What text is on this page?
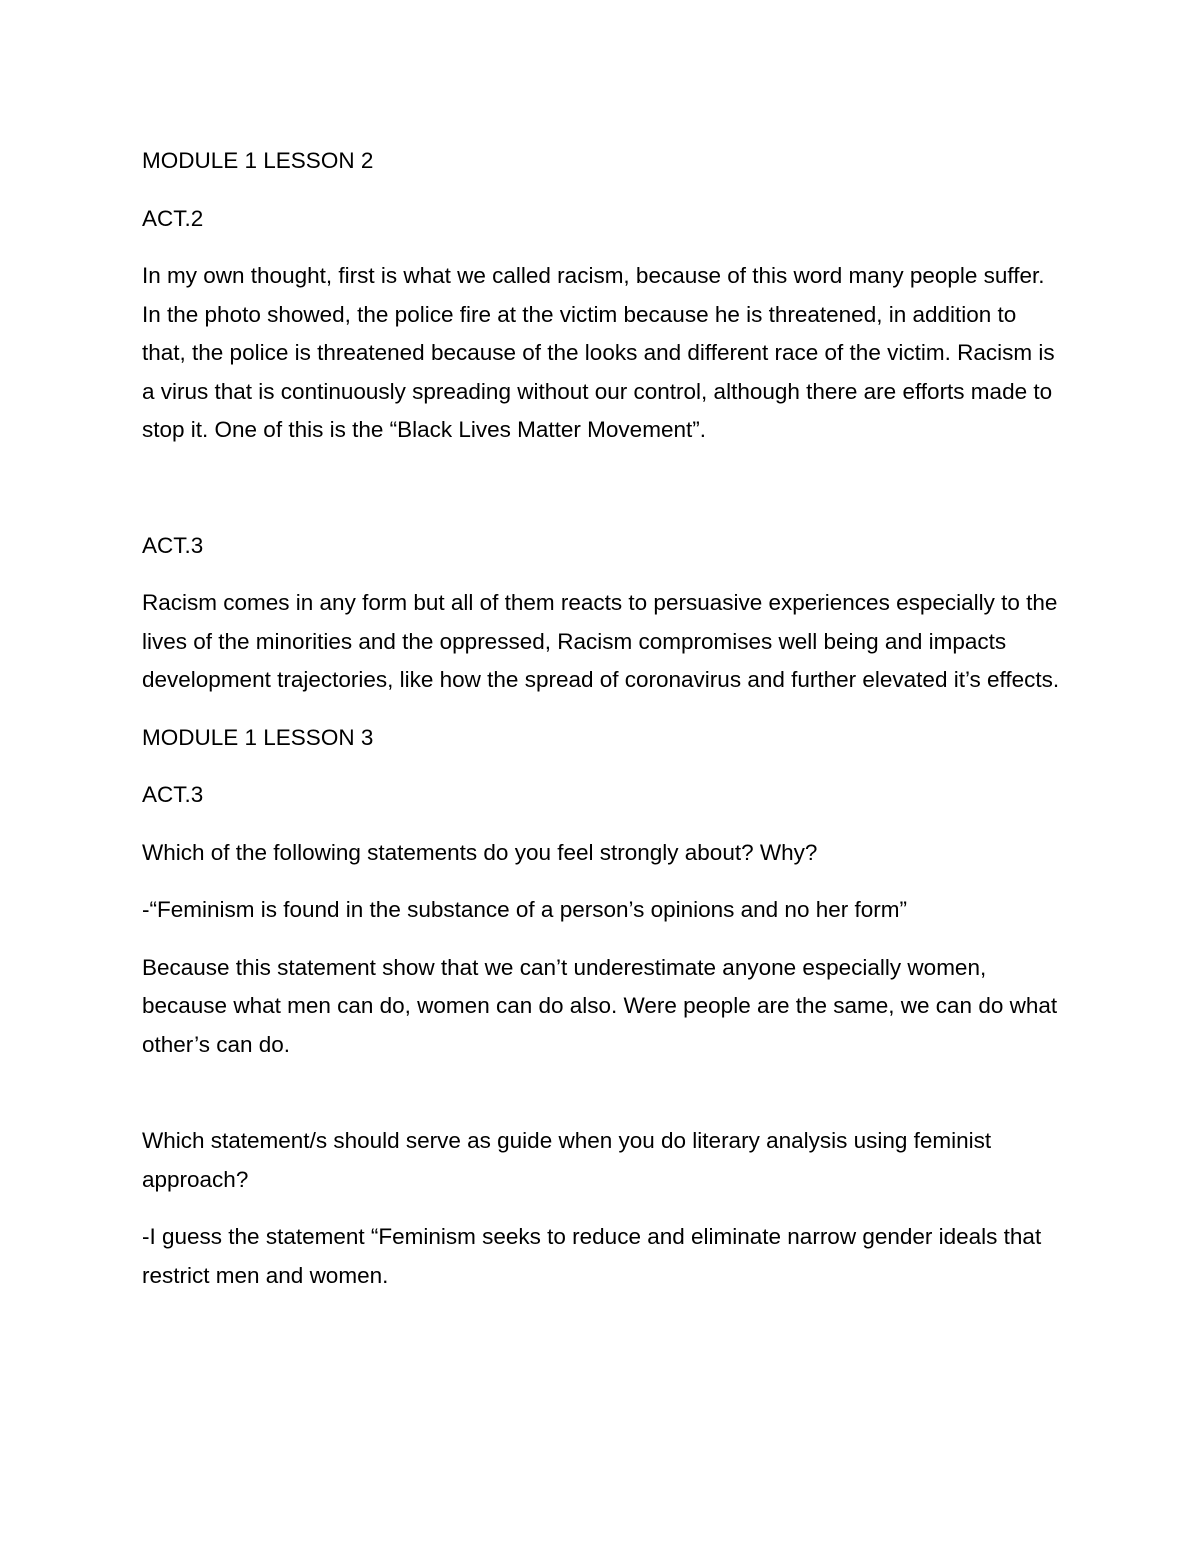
MODULE 1 LESSON 2

ACT.2

In my own thought, first is what we called racism, because of this word many people suffer. In the photo showed, the police fire at the victim because he is threatened, in addition to that, the police is threatened because of the looks and different race of the victim. Racism is a virus that is continuously spreading without our control, although there are efforts made to stop it. One of this is the “Black Lives Matter Movement”.

ACT.3

Racism comes in any form but all of them reacts to persuasive experiences especially to the lives of the minorities and the oppressed, Racism compromises well being and impacts development trajectories, like how the spread of coronavirus and further elevated it’s effects.

MODULE 1 LESSON 3

ACT.3

Which of the following statements do you feel strongly about? Why?

-“Feminism is found in the substance of a person’s opinions and no her form”

Because this statement show that we can’t underestimate anyone especially women, because what men can do, women can do also. Were people are the same, we can do what other’s can do.

Which statement/s should serve as guide when you do literary analysis using feminist approach?

-I guess the statement “Feminism seeks to reduce and eliminate narrow gender ideals that restrict men and women.
